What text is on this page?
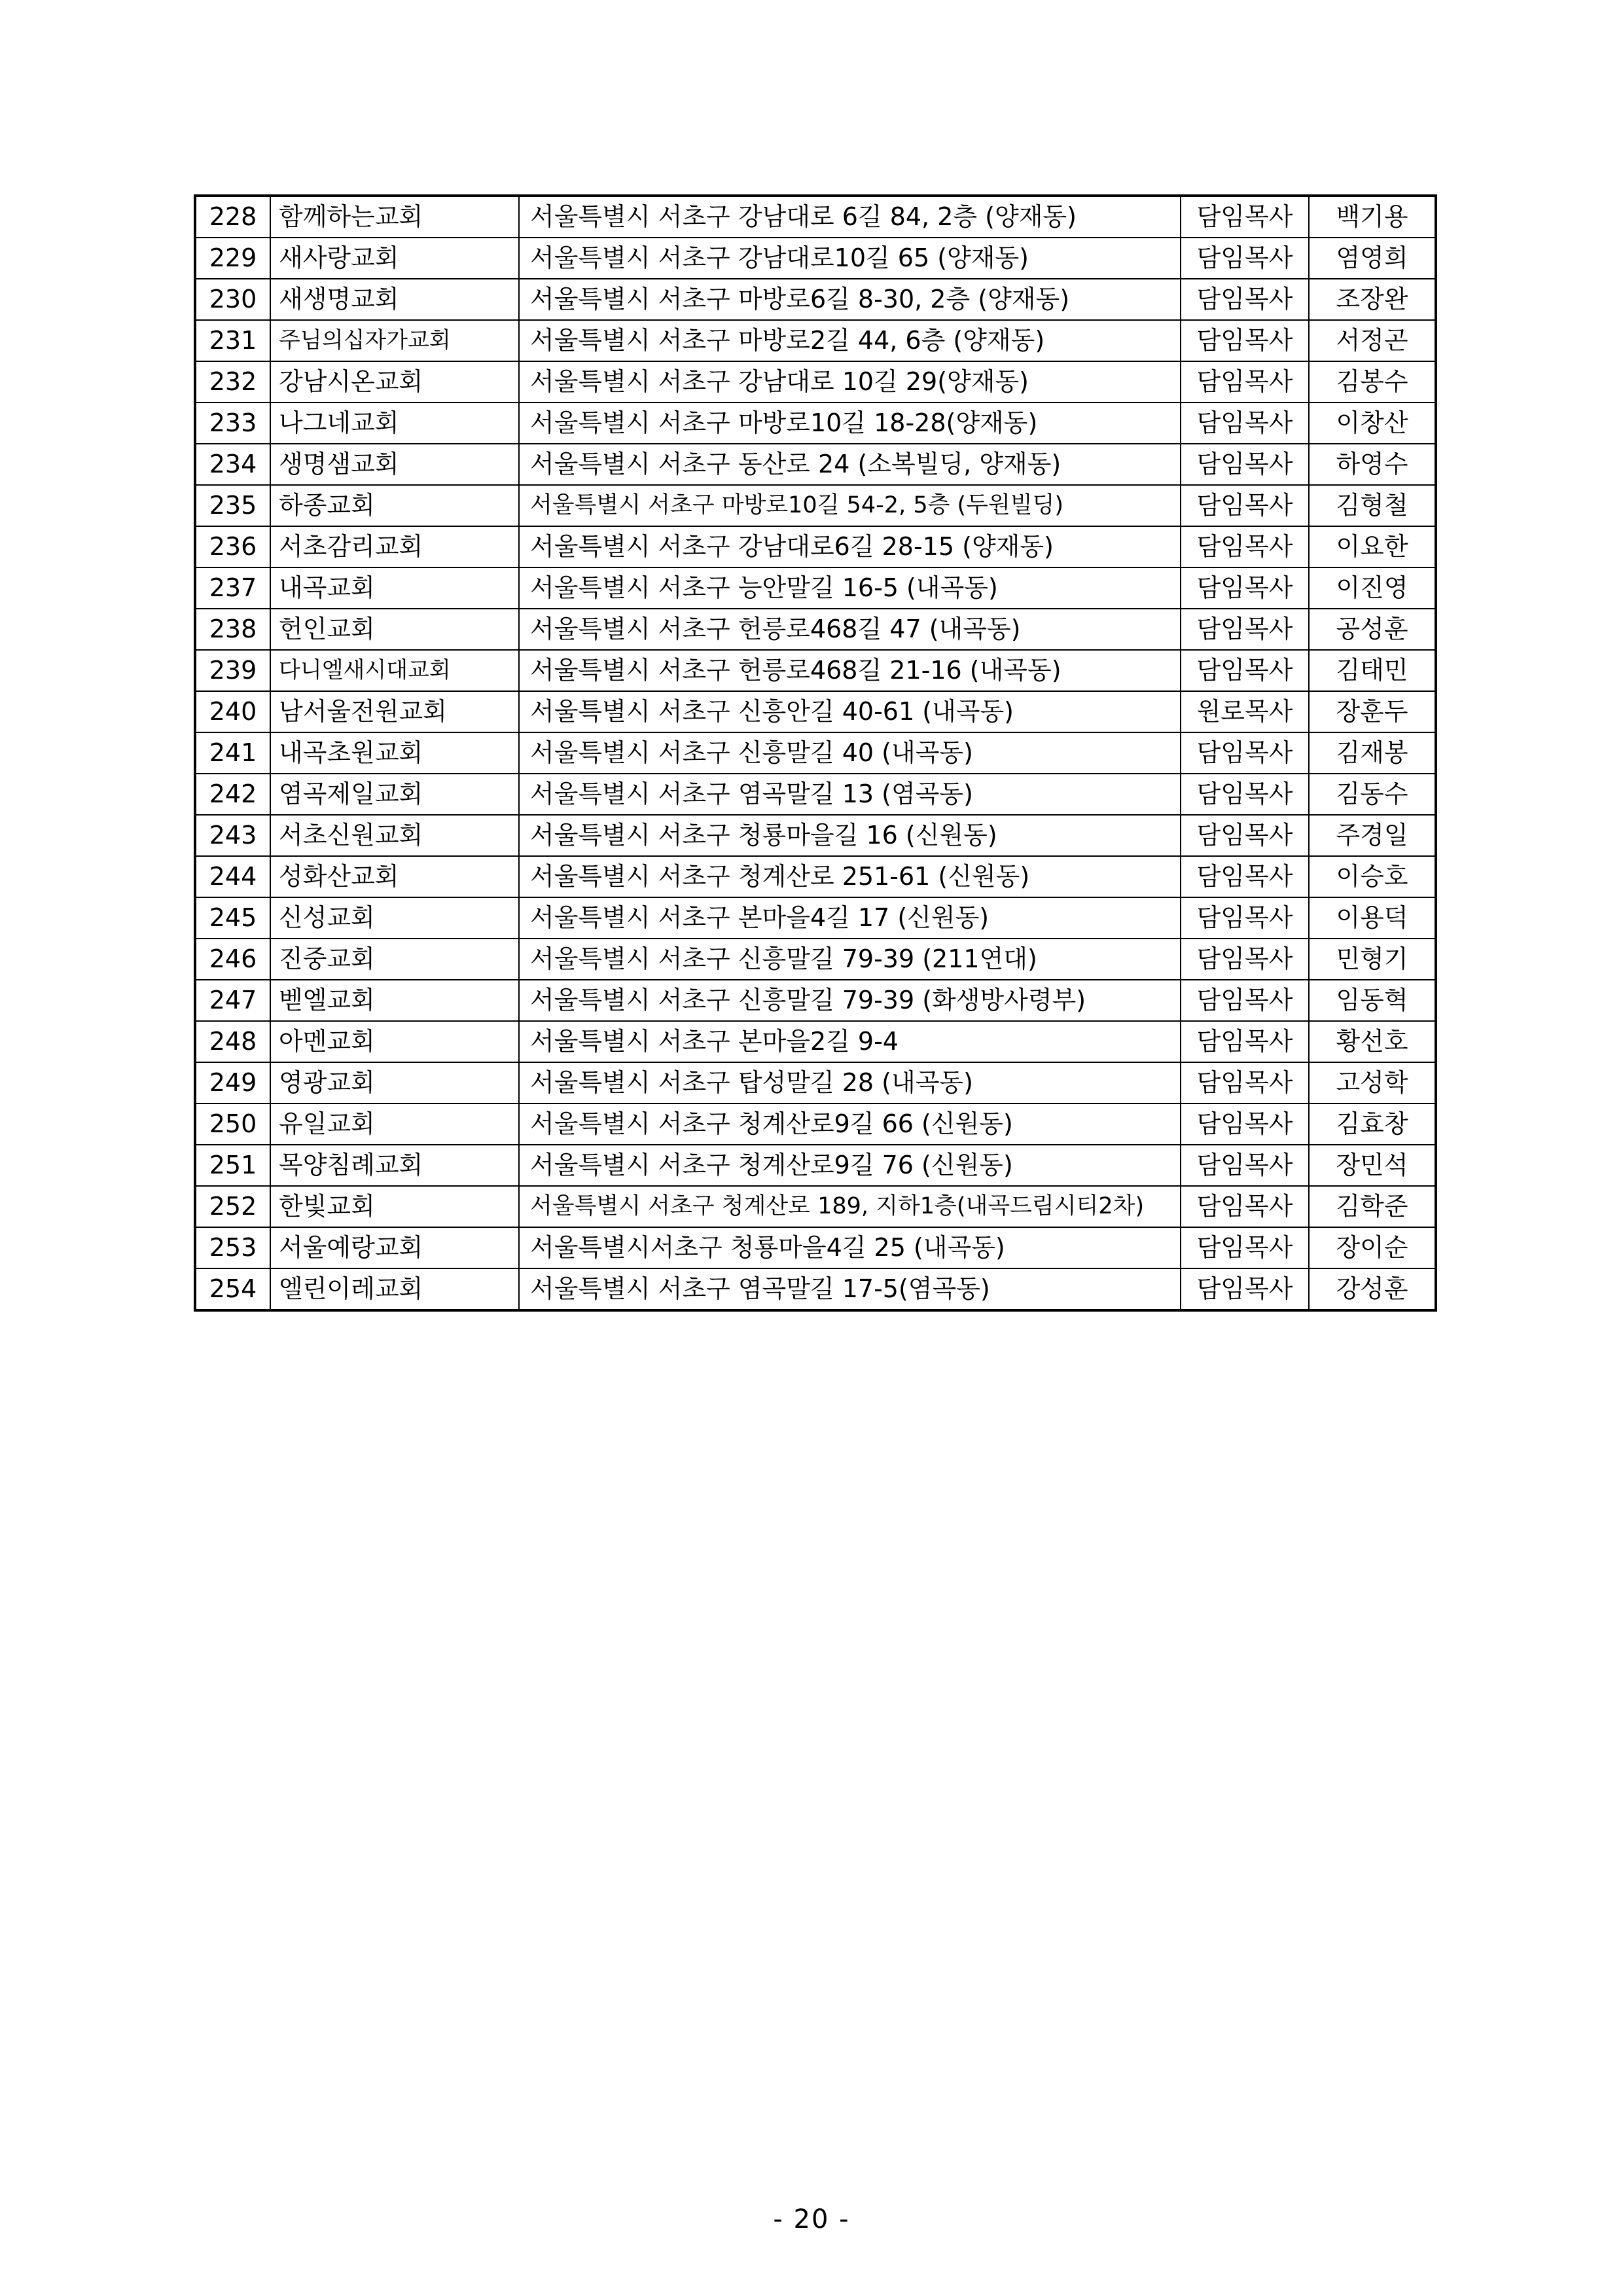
228	함께하는교회	서울특별시 서초구 강남대로 6길 84, 2층 (양재동)	담임목사	백기용
229	새사랑교회	서울특별시 서초구 강남대로10길 65 (양재동)	담임목사	염영희
230	새생명교회	서울특별시 서초구 마방로6길 8-30, 2층 (양재동)	담임목사	조장완
231	주님의십자가교회	서울특별시 서초구 마방로2길 44, 6층 (양재동)	담임목사	서정곤
232	강남시온교회	서울특별시 서초구 강남대로 10길 29(양재동)	담임목사	김봉수
233	나그네교회	서울특별시 서초구 마방로10길 18-28(양재동)	담임목사	이창산
234	생명샘교회	서울특별시 서초구 동산로 24 (소복빌딩, 양재동)	담임목사	하영수
235	하종교회	서울특별시 서초구 마방로10길 54-2, 5층 (두원빌딩)	담임목사	김형철
236	서초감리교회	서울특별시 서초구 강남대로6길 28-15 (양재동)	담임목사	이요한
237	내곡교회	서울특별시 서초구 능안말길 16-5 (내곡동)	담임목사	이진영
238	헌인교회	서울특별시 서초구 헌릉로468길 47 (내곡동)	담임목사	공성훈
239	다니엘새시대교회	서울특별시 서초구 헌릉로468길 21-16 (내곡동)	담임목사	김태민
240	남서울전원교회	서울특별시 서초구 신흥안길 40-61 (내곡동)	원로목사	장훈두
241	내곡초원교회	서울특별시 서초구 신흥말길 40 (내곡동)	담임목사	김재봉
242	염곡제일교회	서울특별시 서초구 염곡말길 13 (염곡동)	담임목사	김동수
243	서초신원교회	서울특별시 서초구 청룡마을길 16 (신원동)	담임목사	주경일
244	성화산교회	서울특별시 서초구 청계산로 251-61 (신원동)	담임목사	이승호
245	신성교회	서울특별시 서초구 본마을4길 17 (신원동)	담임목사	이용덕
246	진중교회	서울특별시 서초구 신흥말길 79-39 (211연대)	담임목사	민형기
247	벧엘교회	서울특별시 서초구 신흥말길 79-39 (화생방사령부)	담임목사	임동혁
248	아멘교회	서울특별시 서초구 본마을2길 9-4	담임목사	황선호
249	영광교회	서울특별시 서초구 탑성말길 28 (내곡동)	담임목사	고성학
250	유일교회	서울특별시 서초구 청계산로9길 66 (신원동)	담임목사	김효창
251	목양침례교회	서울특별시 서초구 청계산로9길 76 (신원동)	담임목사	장민석
252	한빛교회	서울특별시 서초구 청계산로 189, 지하1층(내곡드림시티2차)	담임목사	김학준
253	서울예랑교회	서울특별시서초구 청룡마을4길 25 (내곡동)	담임목사	장이순
254	엘린이레교회	서울특별시 서초구 염곡말길 17-5(염곡동)	담임목사	강성훈
- 20 -
